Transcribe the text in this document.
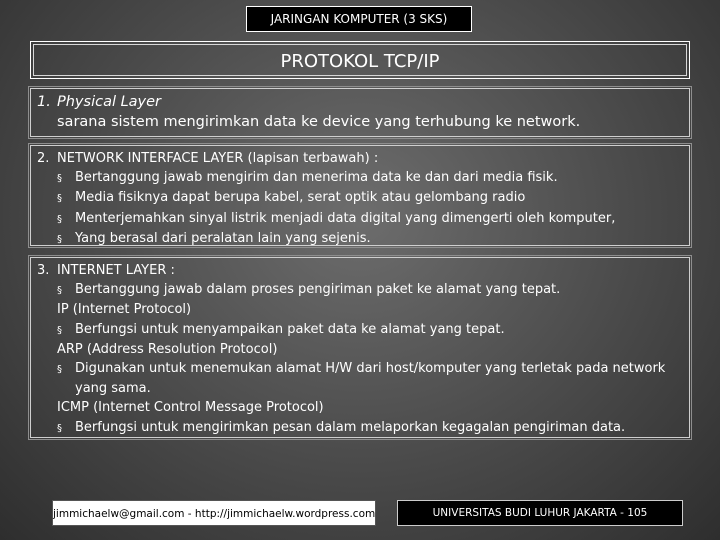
JARINGAN KOMPUTER (3 SKS)
PROTOKOL TCP/IP
1. Physical Layer
sarana sistem mengirimkan data ke device yang terhubung ke network.
2. NETWORK INTERFACE LAYER (lapisan terbawah) :
§ Bertanggung jawab mengirim dan menerima data ke dan dari media fisik.
§ Media fisiknya dapat berupa kabel, serat optik atau gelombang radio
§ Menterjemahkan sinyal listrik menjadi data digital yang dimengerti oleh komputer,
§ Yang berasal dari peralatan lain yang sejenis.
3. INTERNET LAYER :
§ Bertanggung jawab dalam proses pengiriman paket ke alamat yang tepat.
IP (Internet Protocol)
§ Berfungsi untuk menyampaikan paket data ke alamat yang tepat.
ARP (Address Resolution Protocol)
§ Digunakan untuk menemukan alamat H/W dari host/komputer yang terletak pada network
yang sama.
ICMP (Internet Control Message Protocol)
§ Berfungsi untuk mengirimkan pesan dalam melaporkan kegagalan pengiriman data.
jimmichaelw@gmail.com - http://jimmichaelw.wordpress.com	UNIVERSITAS BUDI LUHUR JAKARTA - 105
